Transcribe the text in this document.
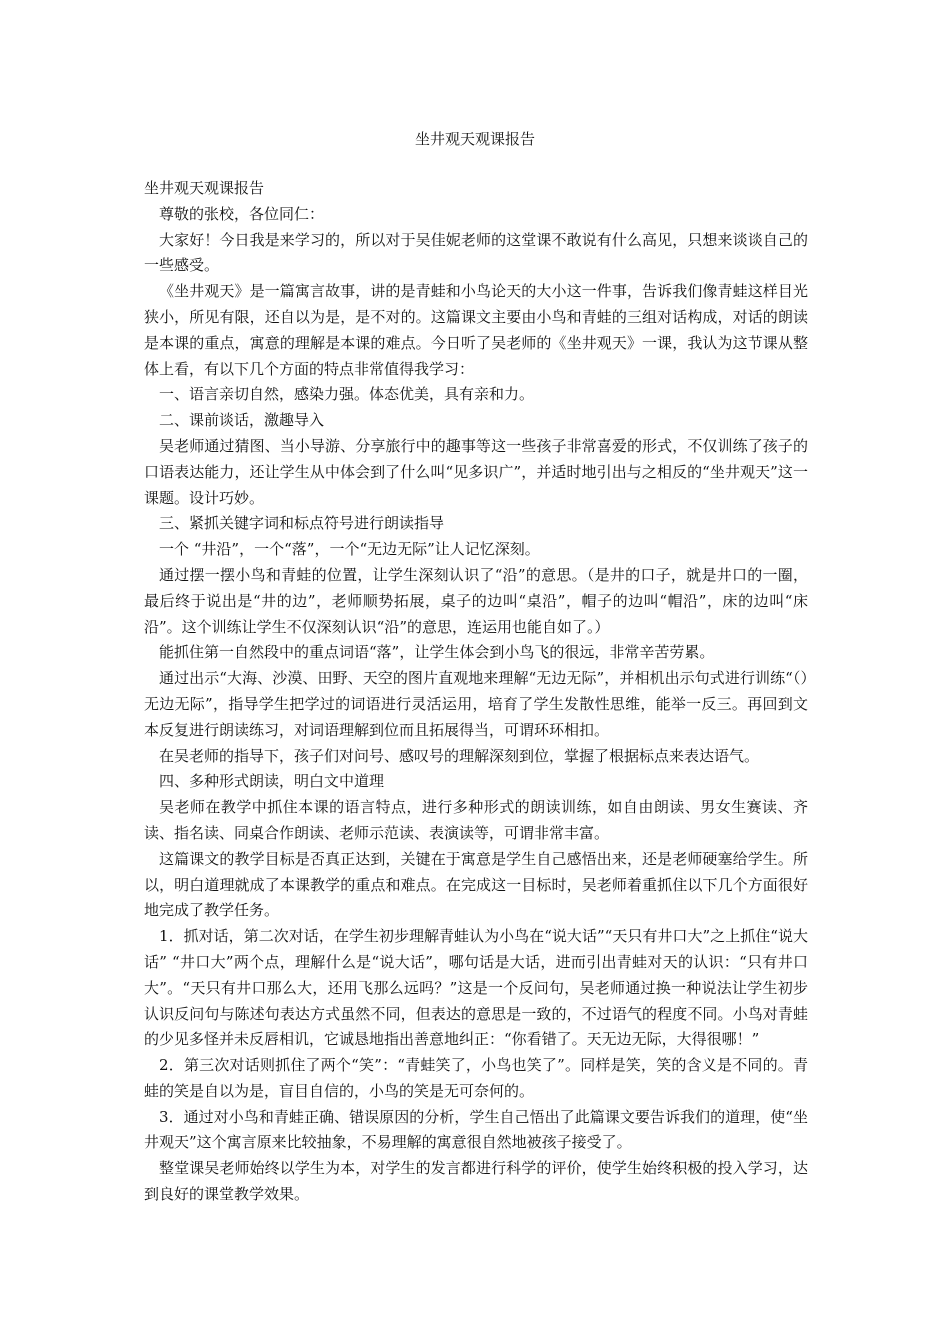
坐井观天观课报告

坐井观天观课报告

尊敬的张校，各位同仁：

大家好！今日我是来学习的，所以对于吴佳妮老师的这堂课不敢说有什么高见，只想来谈谈自己的一些感受。

《坐井观天》是一篇寓言故事，讲的是青蛙和小鸟论天的大小这一件事，告诉我们像青蛙这样目光狭小，所见有限，还自以为是，是不对的。这篇课文主要由小鸟和青蛙的三组对话构成，对话的朗读是本课的重点，寓意的理解是本课的难点。今日听了吴老师的《坐井观天》一课，我认为这节课从整体上看，有以下几个方面的特点非常值得我学习：

一、语言亲切自然，感染力强。体态优美，具有亲和力。

二、课前谈话，激趣导入

吴老师通过猜图、当小导游、分享旅行中的趣事等这一些孩子非常喜爱的形式，不仅训练了孩子的口语表达能力，还让学生从中体会到了什么叫“见多识广”，并适时地引出与之相反的“坐井观天”这一课题。设计巧妙。

三、紧抓关键字词和标点符号进行朗读指导

一个 “井沿”，一个“落”，一个“无边无际”让人记忆深刻。

通过摆一摆小鸟和青蛙的位置，让学生深刻认识了“沿”的意思。（是井的口子，就是井口的一圈，最后终于说出是“井的边”，老师顺势拓展，桌子的边叫“桌沿”，帽子的边叫“帽沿”，床的边叫“床沿”。这个训练让学生不仅深刻认识“沿”的意思，连运用也能自如了。）

能抓住第一自然段中的重点词语“落”，让学生体会到小鸟飞的很远，非常辛苦劳累。

通过出示“大海、沙漠、田野、天空的图片直观地来理解“无边无际”，并相机出示句式进行训练“（）无边无际”，指导学生把学过的词语进行灵活运用，培育了学生发散性思维，能举一反三。再回到文本反复进行朗读练习，对词语理解到位而且拓展得当，可谓环环相扣。

在吴老师的指导下，孩子们对问号、感叹号的理解深刻到位，掌握了根据标点来表达语气。

四、多种形式朗读，明白文中道理

吴老师在教学中抓住本课的语言特点，进行多种形式的朗读训练，如自由朗读、男女生赛读、齐读、指名读、同桌合作朗读、老师示范读、表演读等，可谓非常丰富。

这篇课文的教学目标是否真正达到，关键在于寓意是学生自己感悟出来，还是老师硬塞给学生。所以，明白道理就成了本课教学的重点和难点。在完成这一目标时，吴老师着重抓住以下几个方面很好地完成了教学任务。

1．抓对话，第二次对话，在学生初步理解青蛙认为小鸟在“说大话”“天只有井口大”之上抓住“说大话” “井口大”两个点，理解什么是“说大话”，哪句话是大话，进而引出青蛙对天的认识：“只有井口大”。“天只有井口那么大，还用飞那么远吗？”这是一个反问句，吴老师通过换一种说法让学生初步认识反问句与陈述句表达方式虽然不同，但表达的意思是一致的，不过语气的程度不同。小鸟对青蛙的少见多怪并未反唇相讥，它诚恳地指出善意地纠正：“你看错了。天无边无际，大得很哪！”

2．第三次对话则抓住了两个“笑”：“青蛙笑了，小鸟也笑了”。同样是笑，笑的含义是不同的。青蛙的笑是自以为是，盲目自信的，小鸟的笑是无可奈何的。

3．通过对小鸟和青蛙正确、错误原因的分析，学生自己悟出了此篇课文要告诉我们的道理，使“坐井观天”这个寓言原来比较抽象，不易理解的寓意很自然地被孩子接受了。

整堂课吴老师始终以学生为本，对学生的发言都进行科学的评价，使学生始终积极的投入学习，达到良好的课堂教学效果。
